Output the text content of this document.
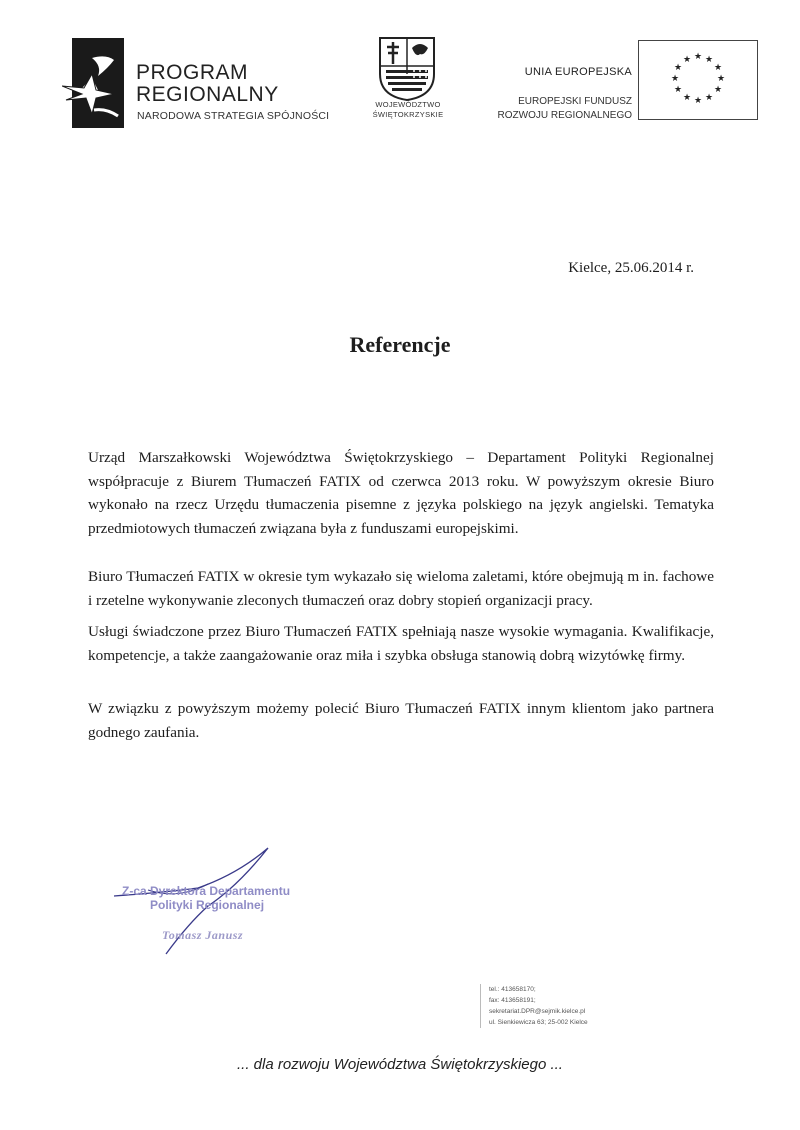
PROGRAM
REGIONALNY
NARODOWA STRATEGIA SPÓJNOŚCI
WOJEWÓDZTWO
ŚWIĘTOKRZYSKIE
UNIA EUROPEJSKA
EUROPEJSKI FUNDUSZ
ROZWOJU REGIONALNEGO
★ ★
★
★
★
★
★
★
★
★
★
★
Kielce, 25.06.2014 r.
Referencje
Urząd Marszałkowski Województwa Świętokrzyskiego – Departament Polityki Regionalnej współpracuje z Biurem Tłumaczeń FATIX od czerwca 2013 roku. W powyższym okresie Biuro wykonało na rzecz Urzędu tłumaczenia pisemne z języka polskiego na język angielski. Tematyka przedmiotowych tłumaczeń związana była z funduszami europejskimi.
Biuro Tłumaczeń FATIX w okresie tym wykazało się wieloma zaletami, które obejmują m in. fachowe i rzetelne wykonywanie zleconych tłumaczeń oraz dobry stopień organizacji pracy.
Usługi świadczone przez Biuro Tłumaczeń FATIX spełniają nasze wysokie wymagania. Kwalifikacje, kompetencje, a także zaangażowanie oraz miła i szybka obsługa stanowią dobrą wizytówkę firmy.
W związku z powyższym możemy polecić Biuro Tłumaczeń FATIX innym klientom jako partnera godnego zaufania.
Z-ca Dyrektora Departamentu
Polityki Regionalnej
Tomasz Janusz
tel.: 413658170;
fax: 413658191;
sekretariat.DPR@sejmik.kielce.pl
ul. Sienkiewicza 63; 25-002 Kielce
... dla rozwoju Województwa Świętokrzyskiego ...
